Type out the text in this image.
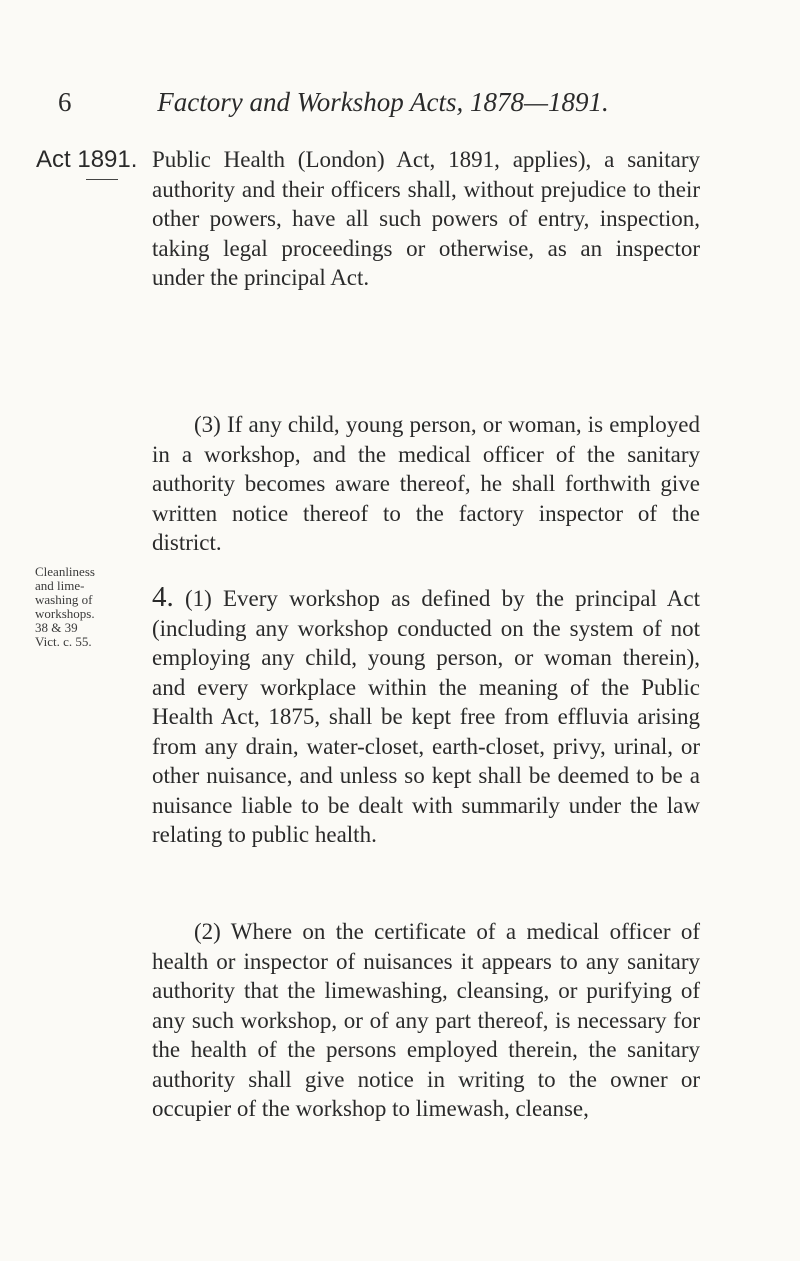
6	Factory and Workshop Acts, 1878—1891.
Act 1891.
Cleanliness
and lime-
washing of
workshops.
38 & 39
Vict. c. 55.
Public Health (London) Act, 1891, applies), a sanitary authority and their officers shall, without prejudice to their other powers, have all such powers of entry, inspection, taking legal proceedings or otherwise, as an inspector under the principal Act.
(3) If any child, young person, or woman, is employed in a workshop, and the medical officer of the sanitary authority becomes aware thereof, he shall forthwith give written notice thereof to the factory inspector of the district.
4. (1) Every workshop as defined by the principal Act (including any workshop conducted on the system of not employing any child, young person, or woman therein), and every workplace within the meaning of the Public Health Act, 1875, shall be kept free from effluvia arising from any drain, water-closet, earth-closet, privy, urinal, or other nuisance, and unless so kept shall be deemed to be a nuisance liable to be dealt with summarily under the law relating to public health.
(2) Where on the certificate of a medical officer of health or inspector of nuisances it appears to any sanitary authority that the limewashing, cleansing, or purifying of any such workshop, or of any part thereof, is necessary for the health of the persons employed therein, the sanitary authority shall give notice in writing to the owner or occupier of the workshop to limewash, cleanse,
